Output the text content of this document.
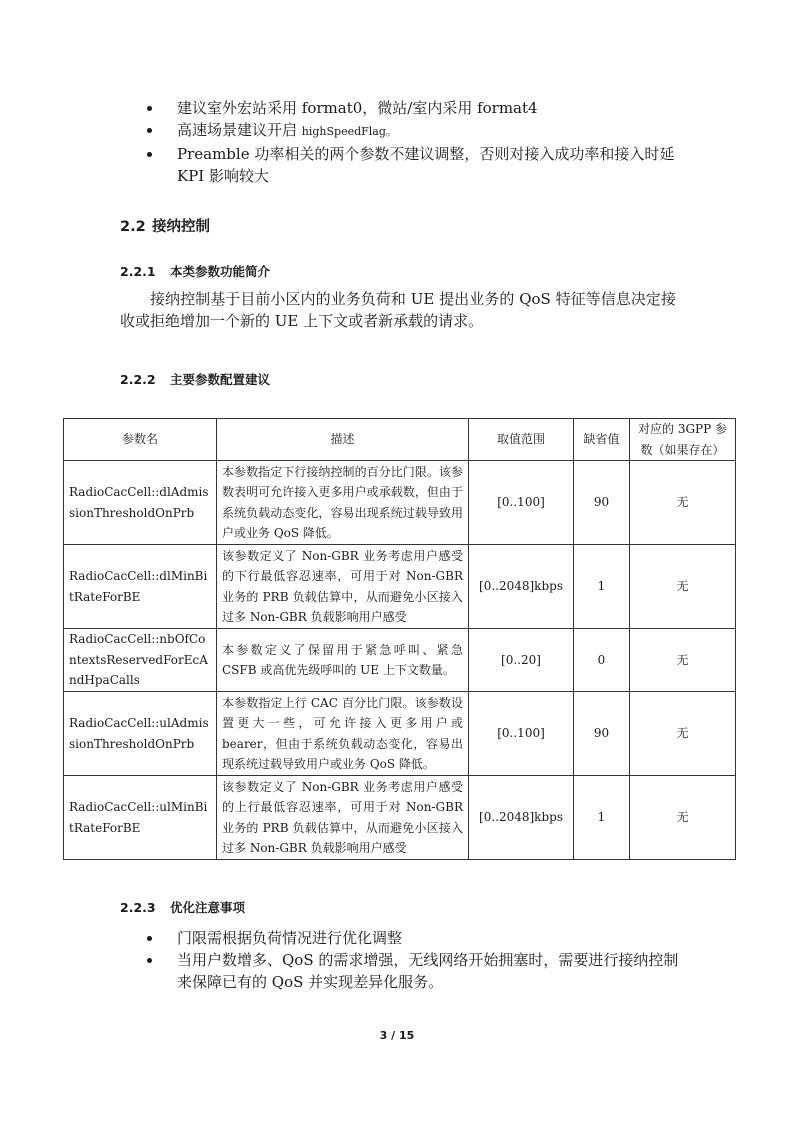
建议室外宏站采用 format0，微站/室内采用 format4
高速场景建议开启 highSpeedFlag。
Preamble 功率相关的两个参数不建议调整，否则对接入成功率和接入时延 KPI 影响较大
2.2 接纳控制
2.2.1 本类参数功能简介

接纳控制基于目前小区内的业务负荷和 UE 提出业务的 QoS 特征等信息决定接收或拒绝增加一个新的 UE 上下文或者新承载的请求。

2.2.2 主要参数配置建议
参数名	描述	取值范围	缺省值	对应的 3GPP 参数（如果存在）
RadioCacCell::dlAdmissionThresholdOnPrb	本参数指定下行接纳控制的百分比门限。该参数表明可允许接入更多用户或承载数，但由于系统负载动态变化，容易出现系统过载导致用户或业务 QoS 降低。	[0..100]	90	无
RadioCacCell::dlMinBitRateForBE	该参数定义了 Non-GBR 业务考虑用户感受的下行最低容忍速率，可用于对 Non-GBR 业务的 PRB 负载估算中，从而避免小区接入过多 Non-GBR 负载影响用户感受	[0..2048]kbps	1	无
RadioCacCell::nbOfContextsReservedForEcAndHpaCalls	本参数定义了保留用于紧急呼叫、紧急 CSFB 或高优先级呼叫的 UE 上下文数量。	[0..20]	0	无
RadioCacCell::ulAdmissionThresholdOnPrb	本参数指定上行 CAC 百分比门限。该参数设置更大一些，可允许接入更多用户或 bearer，但由于系统负载动态变化，容易出现系统过载导致用户或业务 QoS 降低。	[0..100]	90	无
RadioCacCell::ulMinBitRateForBE	该参数定义了 Non-GBR 业务考虑用户感受的上行最低容忍速率，可用于对 Non-GBR 业务的 PRB 负载估算中，从而避免小区接入过多 Non-GBR 负载影响用户感受	[0..2048]kbps	1	无
2.2.3 优化注意事项
门限需根据负荷情况进行优化调整
当用户数增多、QoS 的需求增强，无线网络开始拥塞时，需要进行接纳控制来保障已有的 QoS 并实现差异化服务。
3 / 15
